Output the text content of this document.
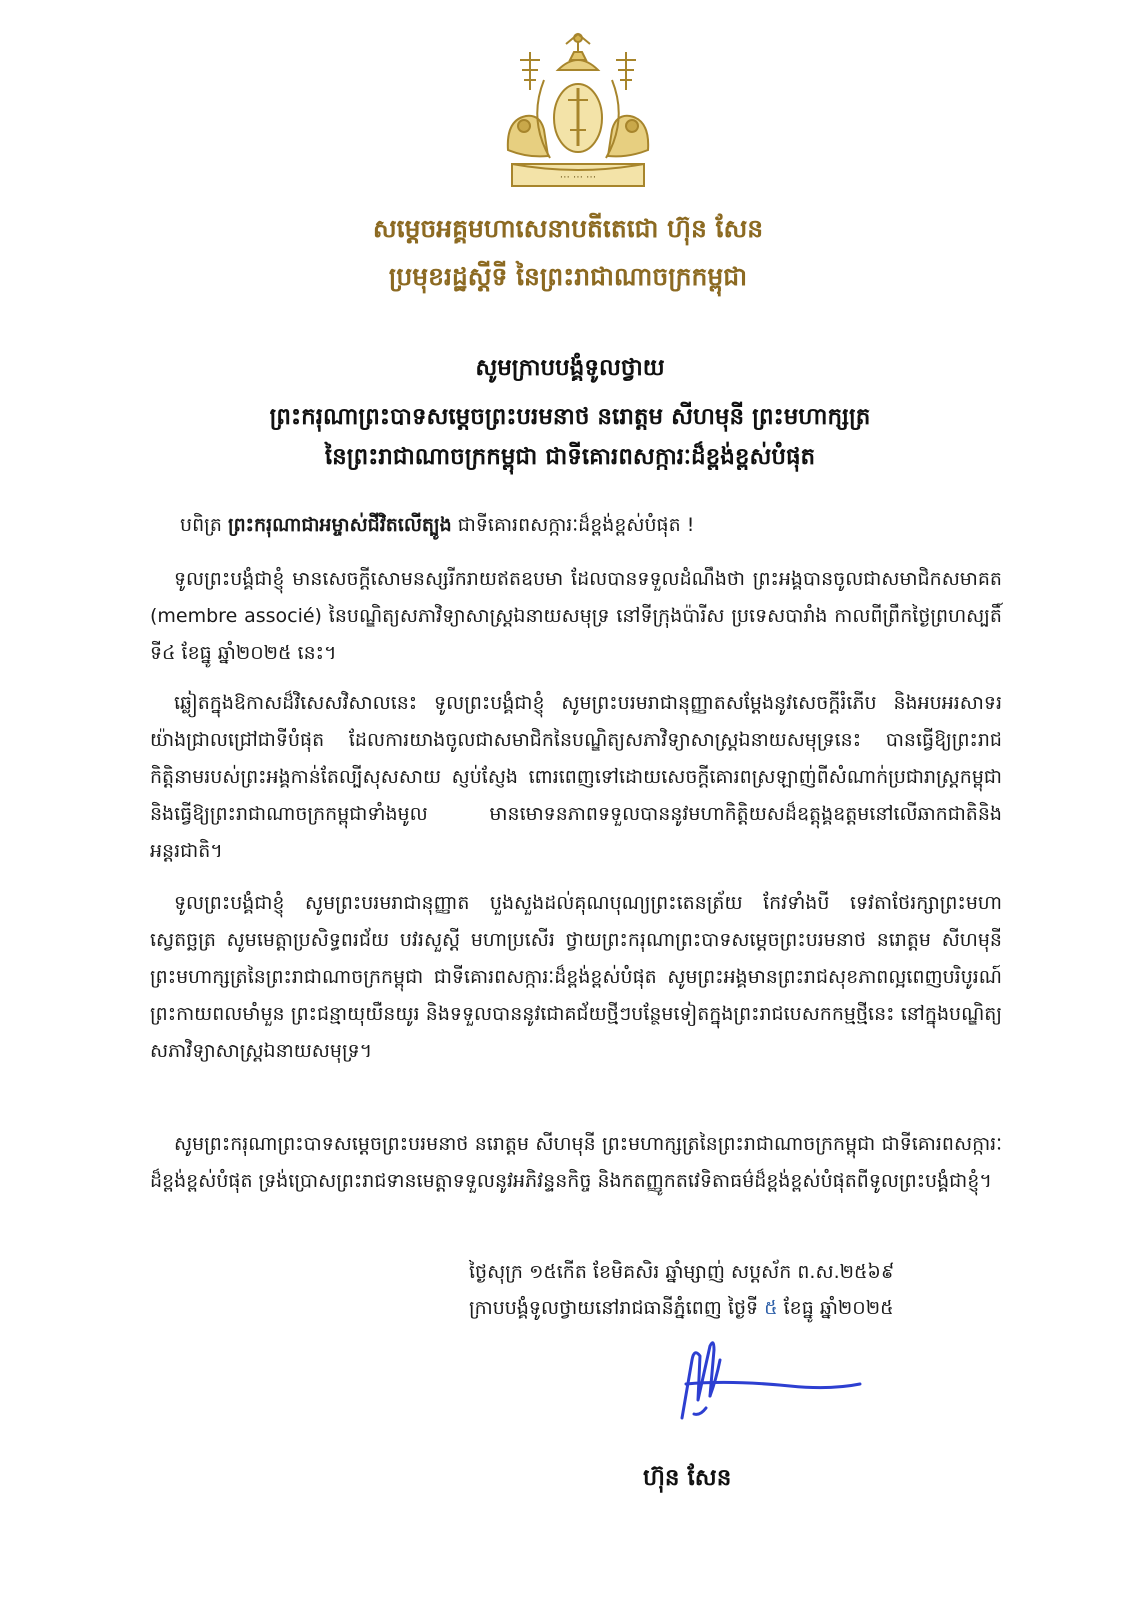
⋯ ⋯ ⋯
សម្តេចអគ្គមហាសេនាបតីតេជោ ហ៊ុន សែន
ប្រមុខរដ្ឋស្ដីទី នៃព្រះរាជាណាចក្រកម្ពុជា
សូមក្រាបបង្គំទូលថ្វាយ
ព្រះករុណាព្រះបាទសម្តេចព្រះបរមនាថ នរោត្តម សីហមុនី ព្រះមហាក្សត្រ
នៃព្រះរាជាណាចក្រកម្ពុជា ជាទីគោរពសក្ការៈដ៏ខ្ពង់ខ្ពស់បំផុត
បពិត្រ ព្រះករុណាជាអម្ចាស់ជីវិតលើត្បូង ជាទីគោរពសក្ការៈដ៏ខ្ពង់ខ្ពស់បំផុត !
ទូលព្រះបង្គំជាខ្ញុំ មានសេចក្តីសោមនស្សរីករាយឥតឧបមា ដែលបានទទួលដំណឹងថា ព្រះអង្គបានចូលជាសមាជិកសមាគត (membre associé) នៃបណ្ឌិត្យសភាវិទ្យាសាស្ត្រឯនាយសមុទ្រ នៅទីក្រុងប៉ារីស ប្រទេសបារាំង កាលពីព្រឹកថ្ងៃព្រហស្បតិ៍ ទី៤ ខែធ្នូ ឆ្នាំ២០២៥ នេះ។
ឆ្លៀតក្នុងឱកាសដ៏វិសេសវិសាលនេះ ទូលព្រះបង្គំជាខ្ញុំ សូមព្រះបរមរាជានុញ្ញាតសម្តែងនូវសេចក្តីរំភើប និងអបអរសាទរយ៉ាងជ្រាលជ្រៅជាទីបំផុត ដែលការយាងចូលជាសមាជិកនៃបណ្ឌិត្យសភាវិទ្យាសាស្ត្រឯនាយសមុទ្រនេះ បានធ្វើឱ្យព្រះរាជកិត្តិនាមរបស់ព្រះអង្គកាន់តែល្បីសុសសាយ ស្ញប់ស្ញែង ពោរពេញទៅដោយសេចក្តីគោរពស្រឡាញ់ពីសំណាក់ប្រជារាស្ត្រកម្ពុជា និងធ្វើឱ្យព្រះរាជាណាចក្រកម្ពុជាទាំងមូល មានមោទនភាពទទួលបាននូវមហាកិត្តិយសដ៏ឧត្តុង្គឧត្តមនៅលើឆាកជាតិនិងអន្តរជាតិ។
ទូលព្រះបង្គំជាខ្ញុំ សូមព្រះបរមរាជានុញ្ញាត បួងសួងដល់គុណបុណ្យព្រះតេនត្រ័យ កែវទាំងបី ទេវតាថែរក្សាព្រះមហាស្វេតច្ឆត្រ សូមមេត្តាប្រសិទ្ធពរជ័យ បវរសួស្តី មហាប្រសើរ ថ្វាយព្រះករុណាព្រះបាទសម្តេចព្រះបរមនាថ នរោត្តម សីហមុនី ព្រះមហាក្សត្រនៃព្រះរាជាណាចក្រកម្ពុជា ជាទីគោរពសក្ការៈដ៏ខ្ពង់ខ្ពស់បំផុត សូមព្រះអង្គមានព្រះរាជសុខភាពល្អពេញបរិបូរណ៍ ព្រះកាយពលមាំមួន ព្រះជន្មាយុយឺនយូរ និងទទួលបាននូវជោគជ័យថ្មីៗបន្ថែមទៀតក្នុងព្រះរាជបេសកកម្មថ្មីនេះ នៅក្នុងបណ្ឌិត្យសភាវិទ្យាសាស្ត្រឯនាយសមុទ្រ។
សូមព្រះករុណាព្រះបាទសម្តេចព្រះបរមនាថ នរោត្តម សីហមុនី ព្រះមហាក្សត្រនៃព្រះរាជាណាចក្រកម្ពុជា ជាទីគោរពសក្ការៈដ៏ខ្ពង់ខ្ពស់បំផុត ទ្រង់ប្រោសព្រះរាជទានមេត្តាទទួលនូវអភិវន្ទនកិច្ច និងកតញ្ញូកតវេទិតាធម៌ដ៏ខ្ពង់ខ្ពស់បំផុតពីទូលព្រះបង្គំជាខ្ញុំ។
ថ្ងៃសុក្រ ១៥កើត ខែមិគសិរ ឆ្នាំម្សាញ់ សប្តស័ក ព.ស.២៥៦៩
ក្រាបបង្គំទូលថ្វាយនៅរាជធានីភ្នំពេញ ថ្ងៃទី ៥ ខែធ្នូ ឆ្នាំ២០២៥
ហ៊ុន សែន
